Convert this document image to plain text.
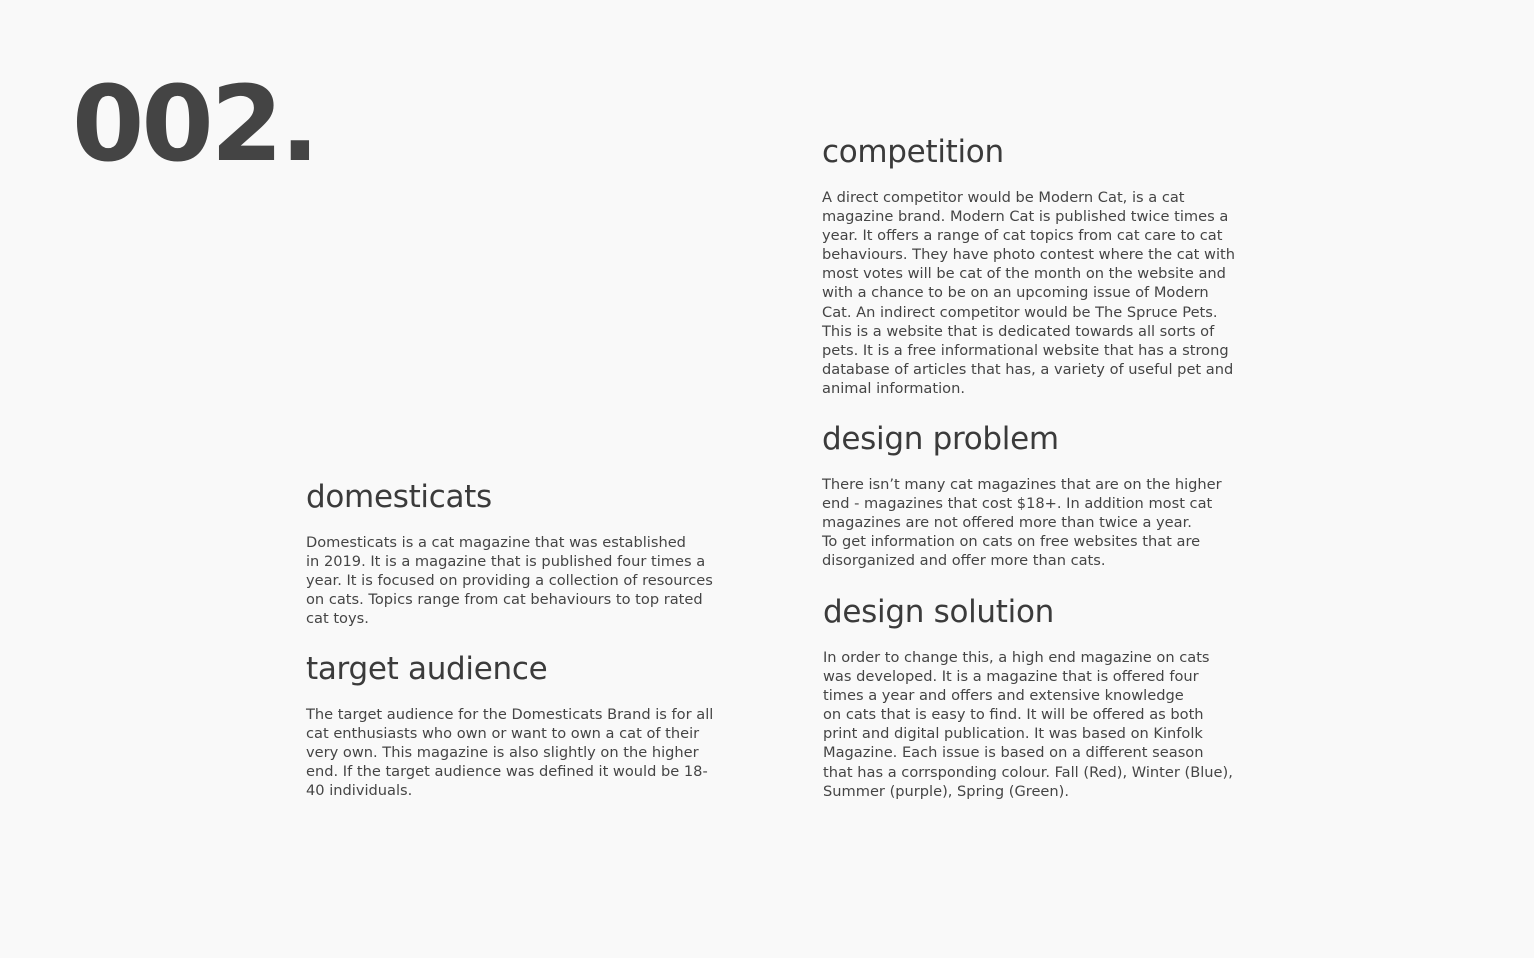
002.
domesticats

Domesticats is a cat magazine that was established
in 2019. It is a magazine that is published four times a
year. It is focused on providing a collection of resources
on cats. Topics range from cat behaviours to top rated
cat toys.

target audience

The target audience for the Domesticats Brand is for all
cat enthusiasts who own or want to own a cat of their
very own. This magazine is also slightly on the higher
end. If the target audience was defined it would be 18-
40 individuals.

competition

A direct competitor would be Modern Cat, is a cat
magazine brand. Modern Cat is published twice times a
year. It offers a range of cat topics from cat care to cat
behaviours. They have photo contest where the cat with
most votes will be cat of the month on the website and
with a chance to be on an upcoming issue of Modern
Cat. An indirect competitor would be The Spruce Pets.
This is a website that is dedicated towards all sorts of
pets. It is a free informational website that has a strong
database of articles that has, a variety of useful pet and
animal information.

design problem

There isn’t many cat magazines that are on the higher
end - magazines that cost $18+. In addition most cat
magazines are not offered more than twice a year.
To get information on cats on free websites that are
disorganized and offer more than cats.

design solution

In order to change this, a high end magazine on cats
was developed. It is a magazine that is offered four
times a year and offers and extensive knowledge
on cats that is easy to find. It will be offered as both
print and digital publication. It was based on Kinfolk
Magazine. Each issue is based on a different season
that has a corrsponding colour. Fall (Red), Winter (Blue),
Summer (purple), Spring (Green).
